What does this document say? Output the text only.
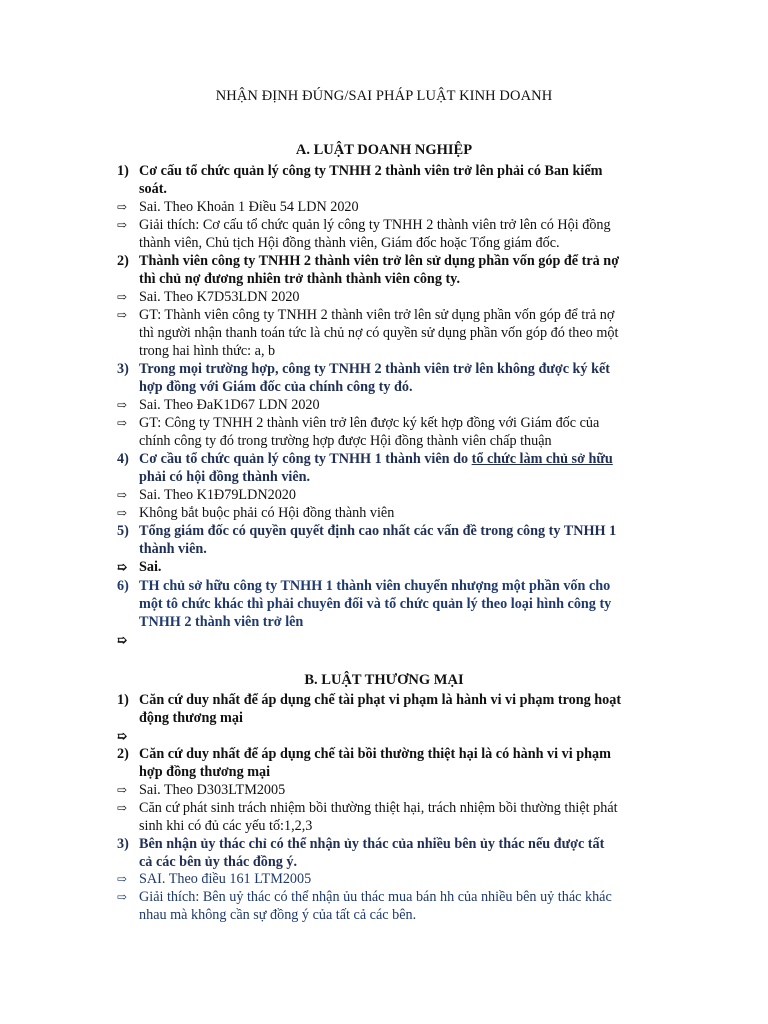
NHẬN ĐỊNH ĐÚNG/SAI PHÁP LUẬT KINH DOANH
A. LUẬT DOANH NGHIỆP
1) Cơ cấu tổ chức quản lý công ty TNHH 2 thành viên trở lên phải có Ban kiểm
soát.
⇨ Sai. Theo Khoản 1 Điều 54 LDN 2020
⇨ Giải thích: Cơ cấu tổ chức quản lý công ty TNHH 2 thành viên trở lên có Hội đồng
thành viên, Chủ tịch Hội đồng thành viên, Giám đốc hoặc Tổng giám đốc.
2) Thành viên công ty TNHH 2 thành viên trở lên sử dụng phần vốn góp để trả nợ
thì chủ nợ đương nhiên trở thành thành viên công ty.
⇨ Sai. Theo K7D53LDN 2020
⇨ GT: Thành viên công ty TNHH 2 thành viên trở lên sử dụng phần vốn góp để trả nợ
thì người nhận thanh toán tức là chủ nợ có quyền sử dụng phần vốn góp đó theo một
trong hai hình thức: a, b
3) Trong mọi trường hợp, công ty TNHH 2 thành viên trở lên không được ký kết
hợp đồng với Giám đốc của chính công ty đó.
⇨ Sai. Theo ĐaK1D67 LDN 2020
⇨ GT: Công ty TNHH 2 thành viên trở lên được ký kết hợp đồng với Giám đốc của
chính công ty đó trong trường hợp được Hội đồng thành viên chấp thuận
4) Cơ cầu tổ chức quản lý công ty TNHH 1 thành viên do tổ chức làm chủ sở hữu
phải có hội đồng thành viên.
⇨ Sai. Theo K1Đ79LDN2020
⇨ Không bắt buộc phải có Hội đồng thành viên
5) Tổng giám đốc có quyền quyết định cao nhất các vấn đề trong công ty TNHH 1
thành viên.
➯ Sai.
6) TH chủ sở hữu công ty TNHH 1 thành viên chuyển nhượng một phần vốn cho
một tô chức khác thì phải chuyên đối và tổ chức quản lý theo loại hình công ty
TNHH 2 thành viên trở lên
➯
B. LUẬT THƯƠNG MẠI
1) Căn cứ duy nhất để áp dụng chế tài phạt vi phạm là hành vi vi phạm trong hoạt
động thương mại
➯
2) Căn cứ duy nhất để áp dụng chế tài bồi thường thiệt hại là có hành vi vi phạm
hợp đồng thương mại
⇨ Sai. Theo D303LTM2005
⇨ Căn cứ phát sinh trách nhiệm bồi thường thiệt hại, trách nhiệm bồi thường thiệt phát
sinh khi có đủ các yếu tố:1,2,3
3) Bên nhận ủy thác chỉ có thể nhận ủy thác của nhiều bên ủy thác nếu được tất
cả các bên ủy thác đồng ý.
⇨ SAI. Theo điều 161 LTM2005
⇨ Giải thích: Bên uỷ thác có thể nhận ủu thác mua bán hh của nhiều bên uỷ thác khác
nhau mà không cần sự đồng ý của tất cả các bên.
